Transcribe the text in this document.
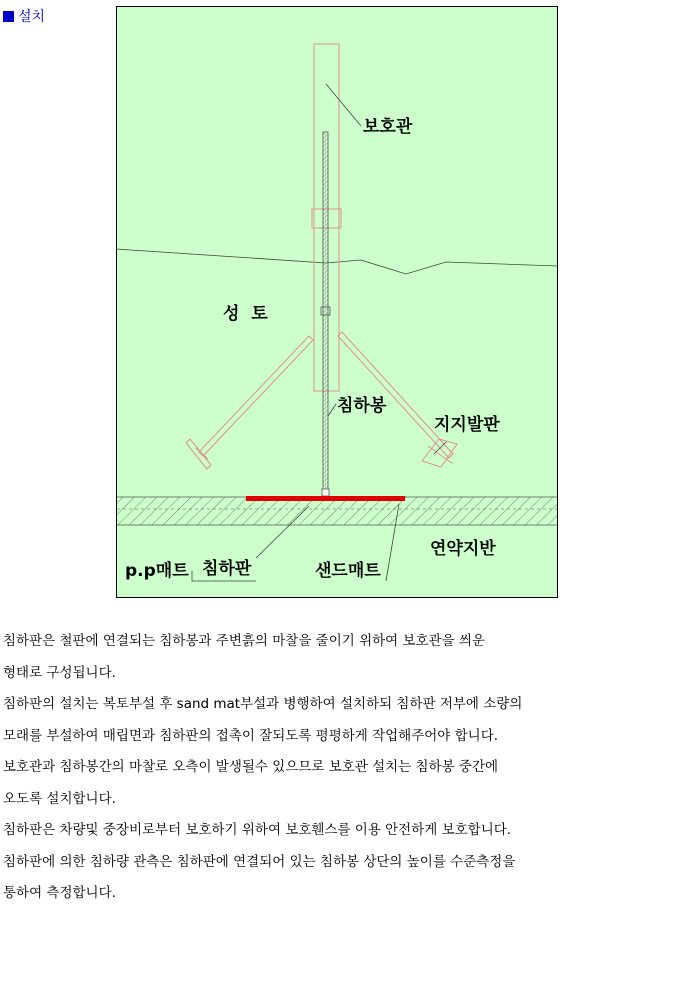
설치
보호관
성  토
침하봉
지지발판
연약지반
p.p매트 침하판	샌드매트

침하판은 철판에 연결되는 침하봉과 주변흙의 마찰을 줄이기 위하여 보호관을 씌운

형태로 구성됩니다.

침하판의 설치는 복토부설 후 sand mat부설과 병행하여 설치하되 침하판 저부에 소량의

모래를 부설하여 매립면과 침하판의 접촉이 잘되도록 평평하게 작업해주어야 합니다.

보호관과 침하봉간의 마찰로 오측이 발생될수 있으므로 보호관 설치는 침하봉 중간에

오도록 설치합니다.

침하판은 차량및 중장비로부터 보호하기 위하여 보호휀스를 이용 안전하게 보호합니다.

침하판에 의한 침하량 관측은 침하판에 연결되어 있는 침하봉 상단의 높이를 수준측정을

통하여 측정합니다.
